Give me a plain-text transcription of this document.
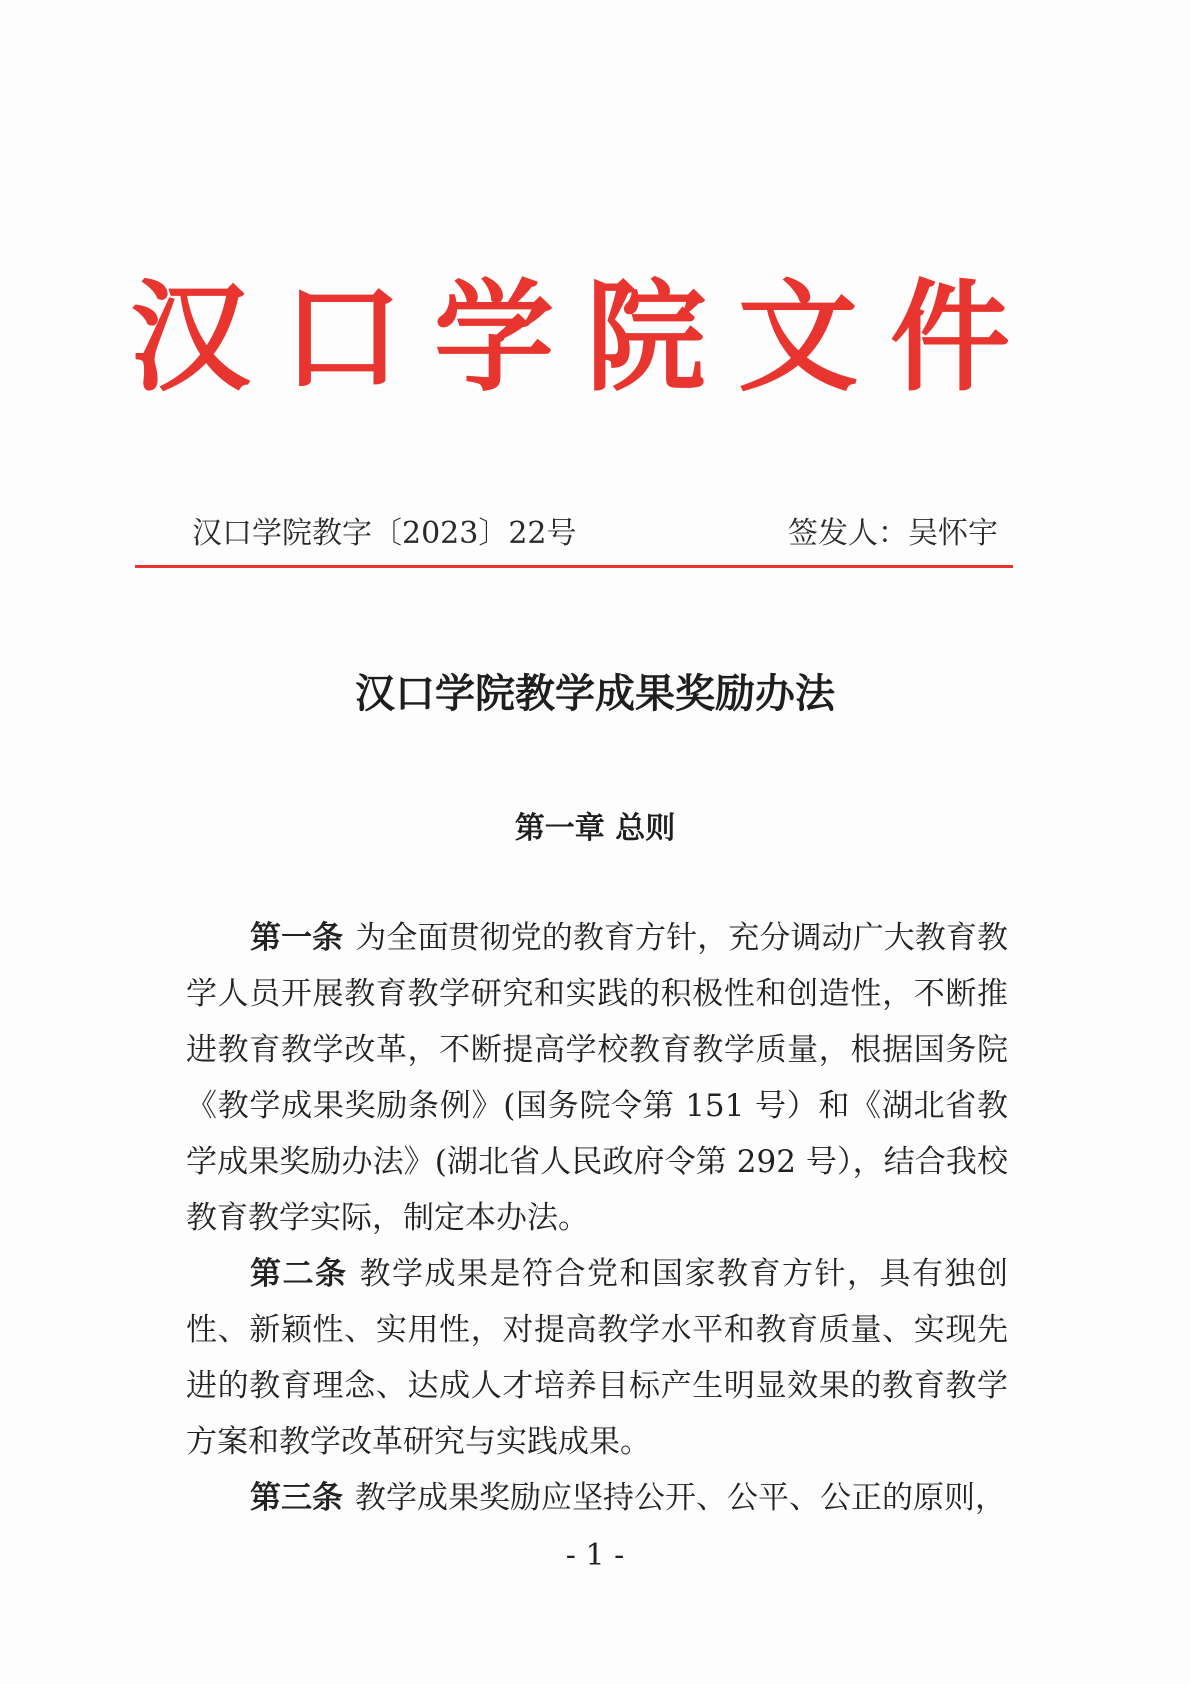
汉 口 学 院 文 件
汉口学院教字〔2023〕22号	签发人：吴怀宇
汉口学院教学成果奖励办法
第一章 总则

第一条 为全面贯彻党的教育方针，充分调动广大教育教学人员开展教育教学研究和实践的积极性和创造性，不断推进教育教学改革，不断提高学校教育教学质量，根据国务院《教学成果奖励条例》(国务院令第 151 号）和《湖北省教学成果奖励办法》(湖北省人民政府令第 292 号），结合我校教育教学实际，制定本办法。

第二条 教学成果是符合党和国家教育方针，具有独创性、新颖性、实用性，对提高教学水平和教育质量、实现先进的教育理念、达成人才培养目标产生明显效果的教育教学方案和教学改革研究与实践成果。

第三条 教学成果奖励应坚持公开、公平、公正的原则，

- 1 -
